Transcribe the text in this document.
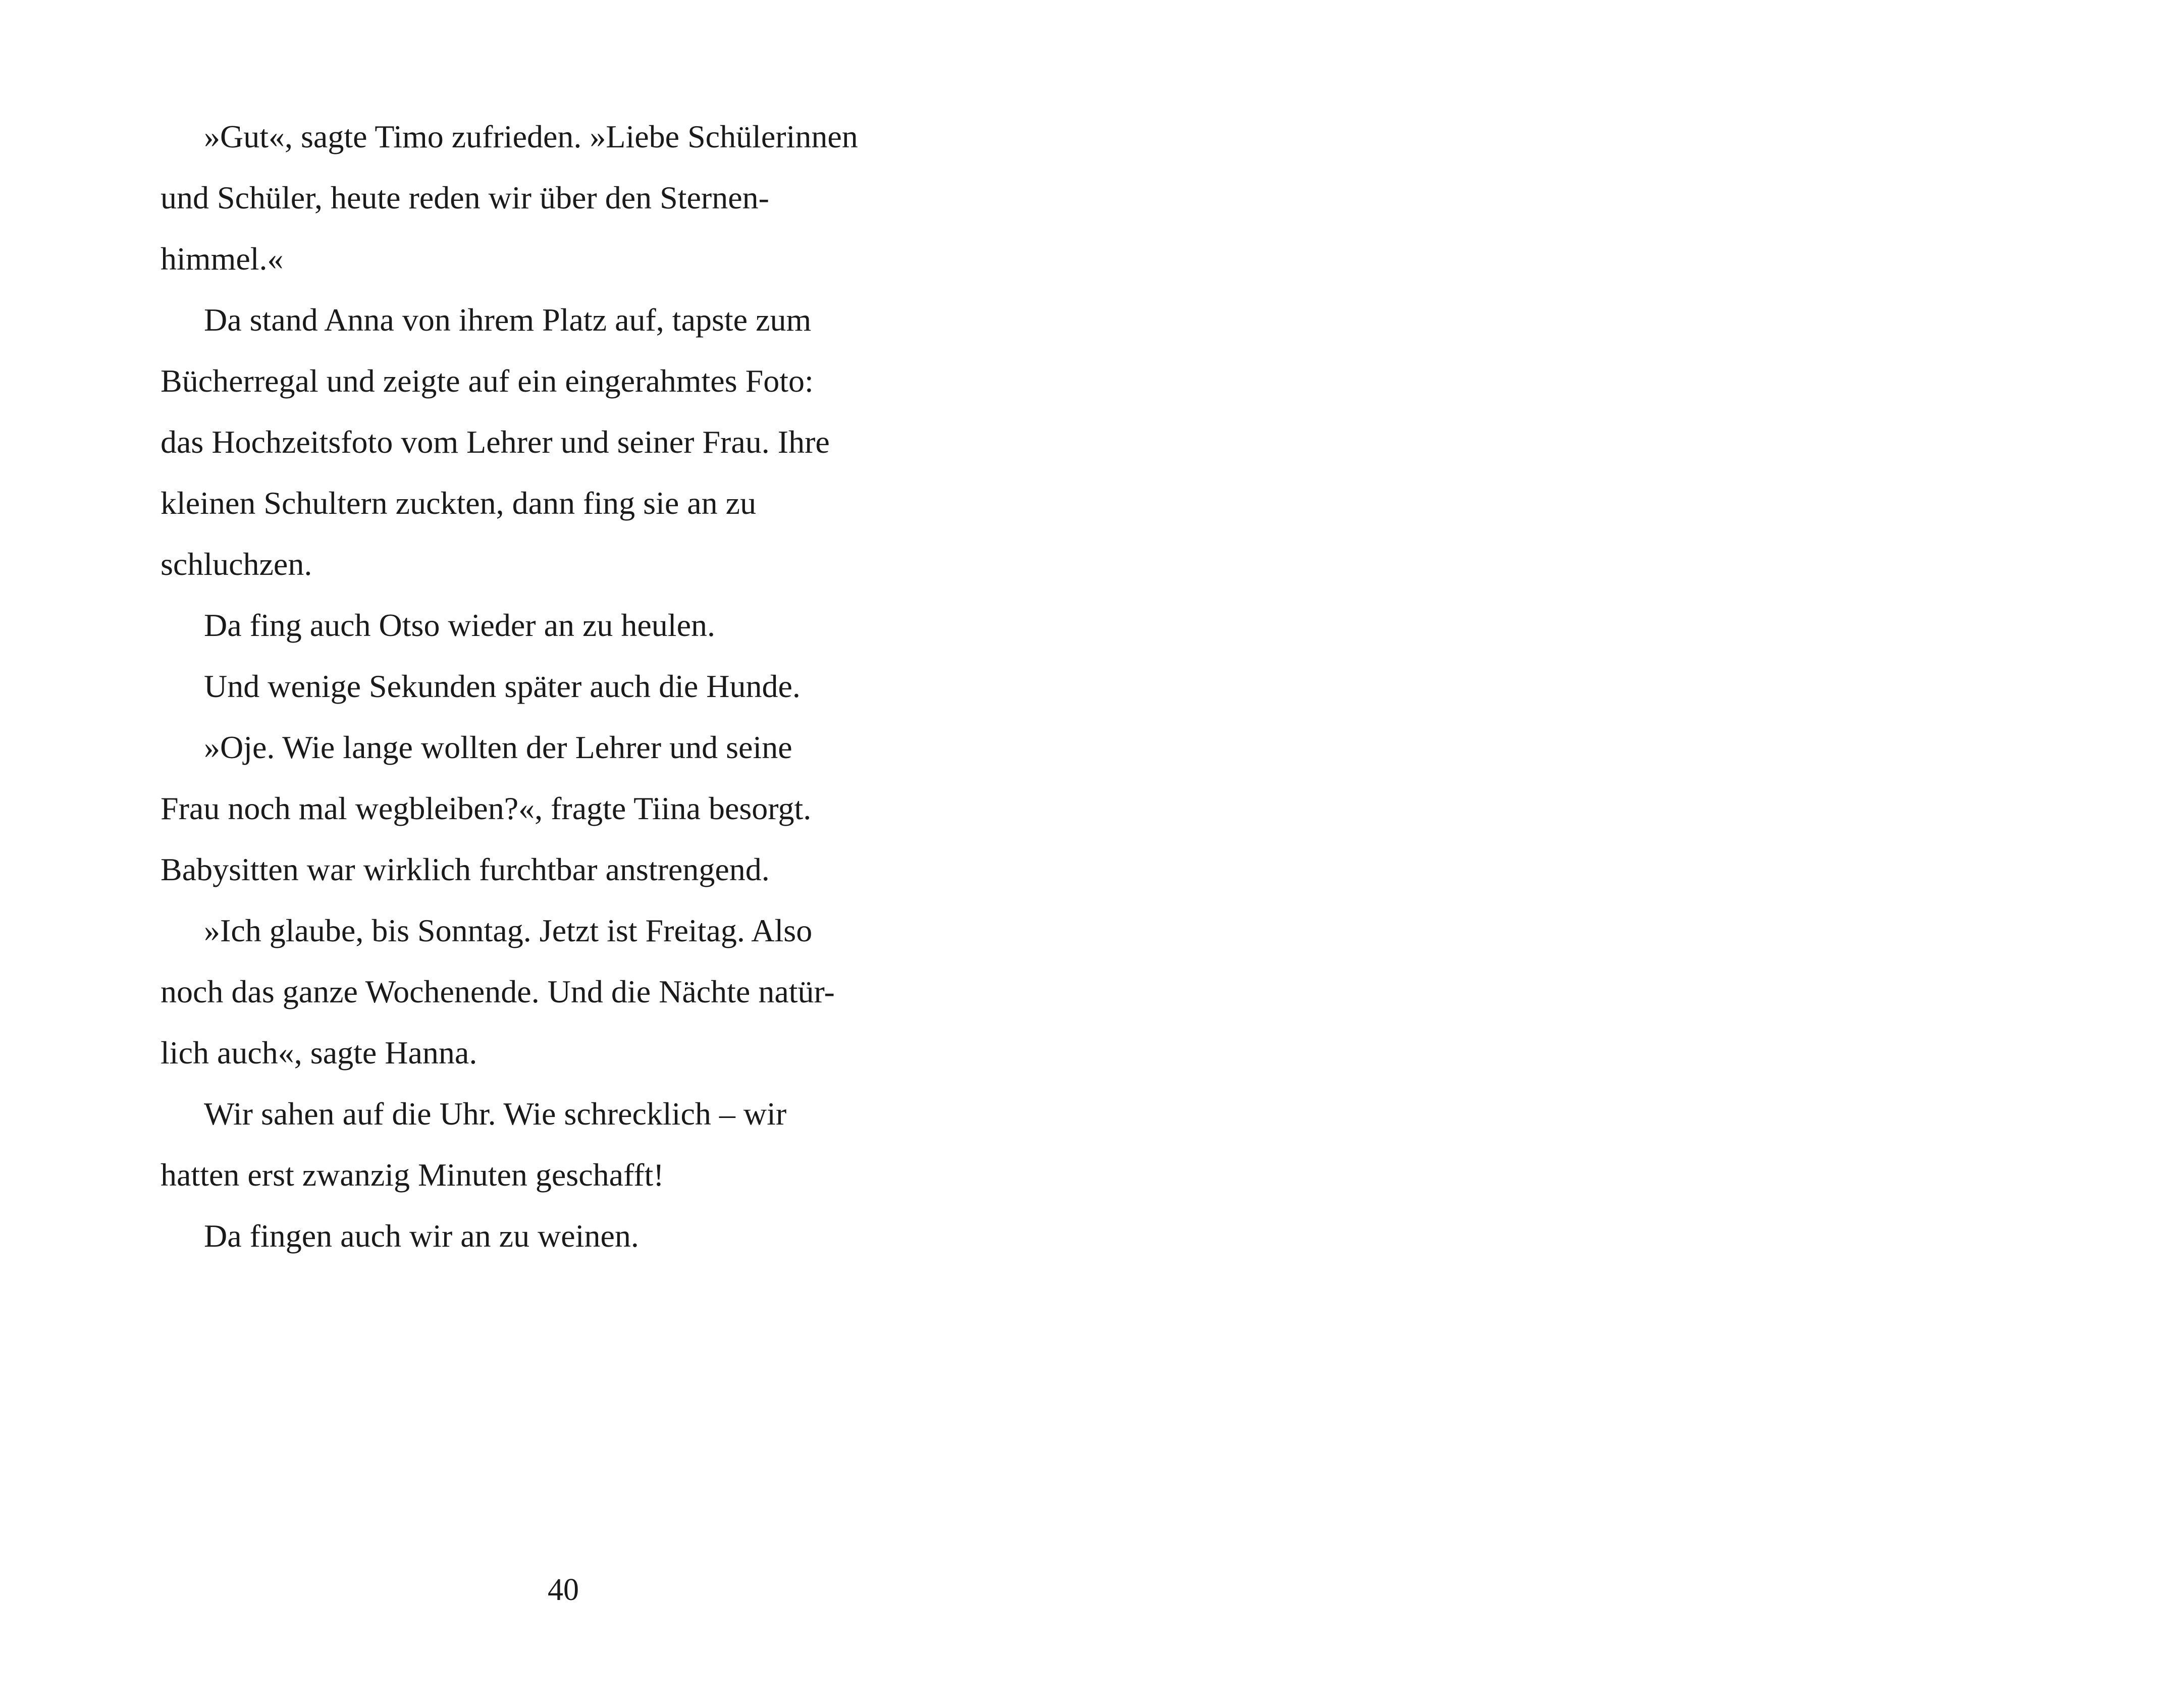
»Gut«, sagte Timo zufrieden. »Liebe Schülerinnen

und Schüler, heute reden wir über den Sternen-

himmel.«

Da stand Anna von ihrem Platz auf, tapste zum

Bücherregal und zeigte auf ein eingerahmtes Foto:

das Hochzeitsfoto vom Lehrer und seiner Frau. Ihre

kleinen Schultern zuckten, dann fing sie an zu

schluchzen.

Da fing auch Otso wieder an zu heulen.

Und wenige Sekunden später auch die Hunde.

»Oje. Wie lange wollten der Lehrer und seine

Frau noch mal wegbleiben?«, fragte Tiina besorgt.

Babysitten war wirklich furchtbar anstrengend.

»Ich glaube, bis Sonntag. Jetzt ist Freitag. Also

noch das ganze Wochenende. Und die Nächte natür-

lich auch«, sagte Hanna.

Wir sahen auf die Uhr. Wie schrecklich – wir

hatten erst zwanzig Minuten geschafft!

Da fingen auch wir an zu weinen.

40
